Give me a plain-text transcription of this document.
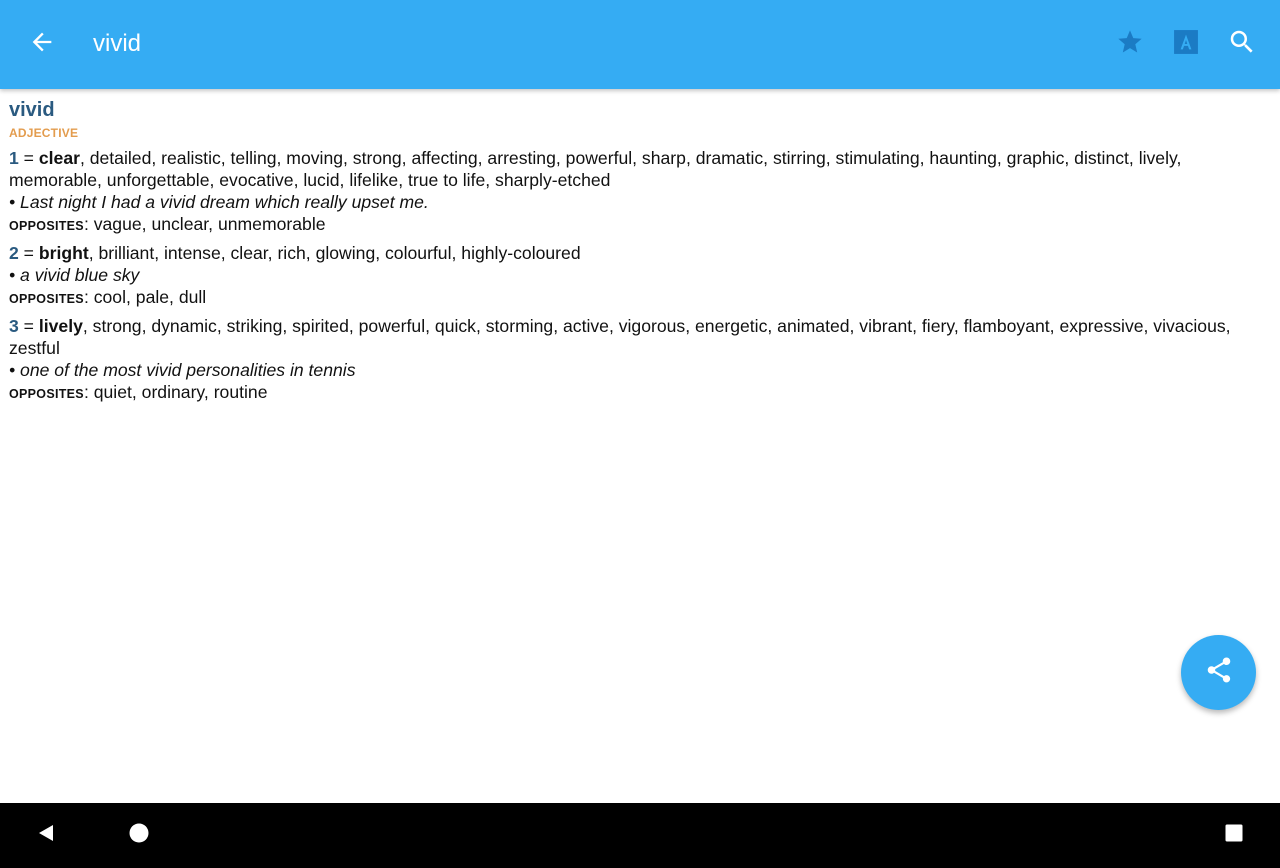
vivid
vivid
ADJECTIVE
1 = clear, detailed, realistic, telling, moving, strong, affecting, arresting, powerful, sharp, dramatic, stirring, stimulating, haunting, graphic, distinct, lively, memorable, unforgettable, evocative, lucid, lifelike, true to life, sharply-etched
• Last night I had a vivid dream which really upset me.
OPPOSITES: vague, unclear, unmemorable
2 = bright, brilliant, intense, clear, rich, glowing, colourful, highly-coloured
• a vivid blue sky
OPPOSITES: cool, pale, dull
3 = lively, strong, dynamic, striking, spirited, powerful, quick, storming, active, vigorous, energetic, animated, vibrant, fiery, flamboyant, expressive, vivacious, zestful
• one of the most vivid personalities in tennis
OPPOSITES: quiet, ordinary, routine
